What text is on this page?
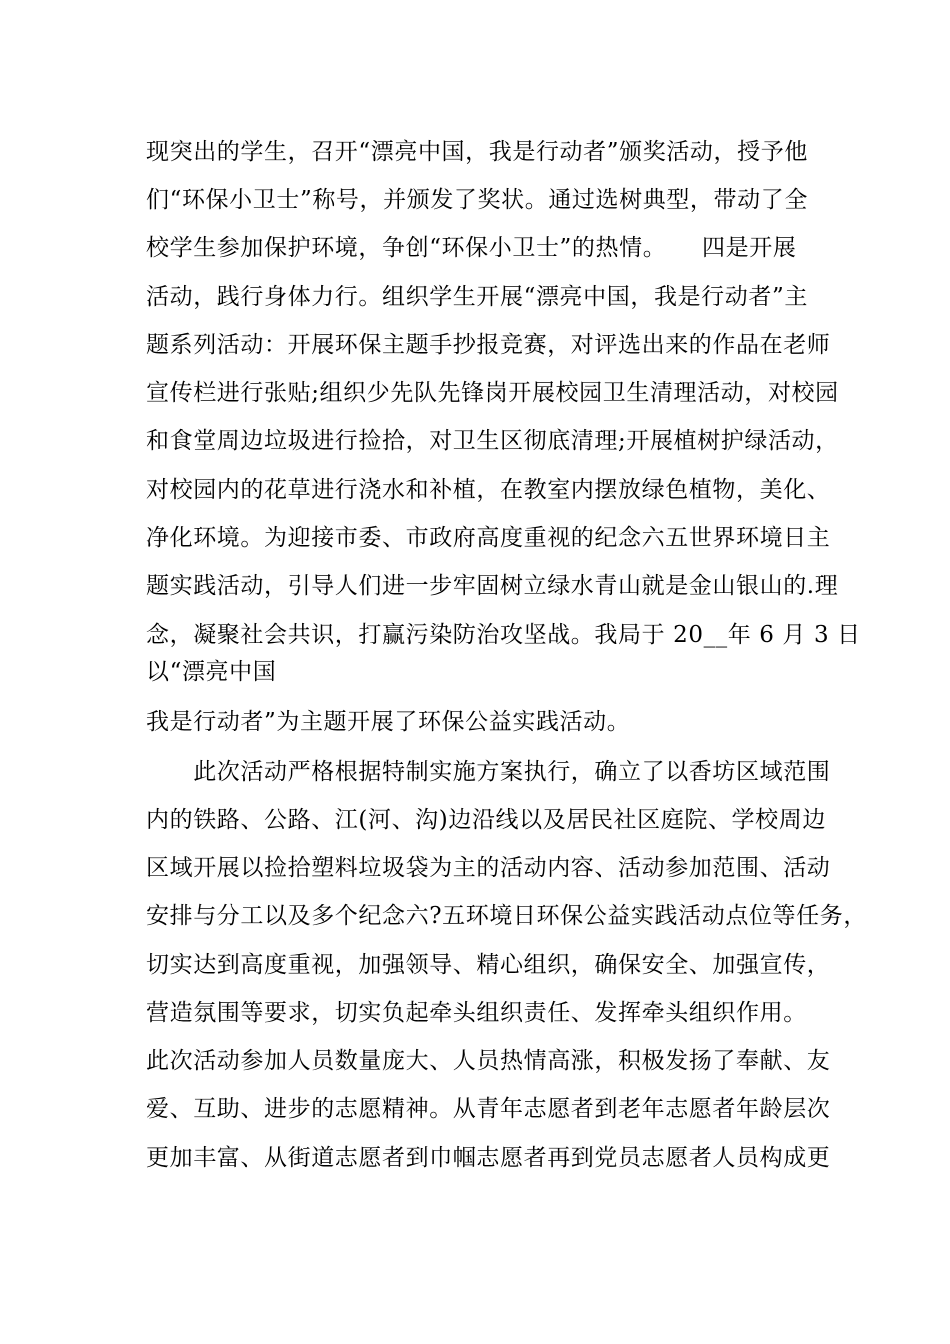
现突出的学生，召开“漂亮中国，我是行动者”颁奖活动，授予他
们“环保小卫士”称号，并颁发了奖状。通过选树典型，带动了全
校学生参加保护环境，争创“环保小卫士”的热情。　　四是开展
活动，践行身体力行。组织学生开展“漂亮中国，我是行动者”主
题系列活动：开展环保主题手抄报竞赛，对评选出来的作品在老师
宣传栏进行张贴;组织少先队先锋岗开展校园卫生清理活动，对校园
和食堂周边垃圾进行捡拾，对卫生区彻底清理;开展植树护绿活动，
对校园内的花草进行浇水和补植，在教室内摆放绿色植物，美化、
净化环境。为迎接市委、市政府高度重视的纪念六五世界环境日主
题实践活动，引导人们进一步牢固树立绿水青山就是金山银山的.理
念，凝聚社会共识，打赢污染防治攻坚战。我局于 20__年 6 月 3 日
以“漂亮中国
我是行动者”为主题开展了环保公益实践活动。
　　此次活动严格根据特制实施方案执行，确立了以香坊区域范围
内的铁路、公路、江(河、沟)边沿线以及居民社区庭院、学校周边
区域开展以捡拾塑料垃圾袋为主的活动内容、活动参加范围、活动
安排与分工以及多个纪念六?五环境日环保公益实践活动点位等任务，
切实达到高度重视，加强领导、精心组织，确保安全、加强宣传，
营造氛围等要求，切实负起牵头组织责任、发挥牵头组织作用。
此次活动参加人员数量庞大、人员热情高涨，积极发扬了奉献、友
爱、互助、进步的志愿精神。从青年志愿者到老年志愿者年龄层次
更加丰富、从街道志愿者到巾帼志愿者再到党员志愿者人员构成更
